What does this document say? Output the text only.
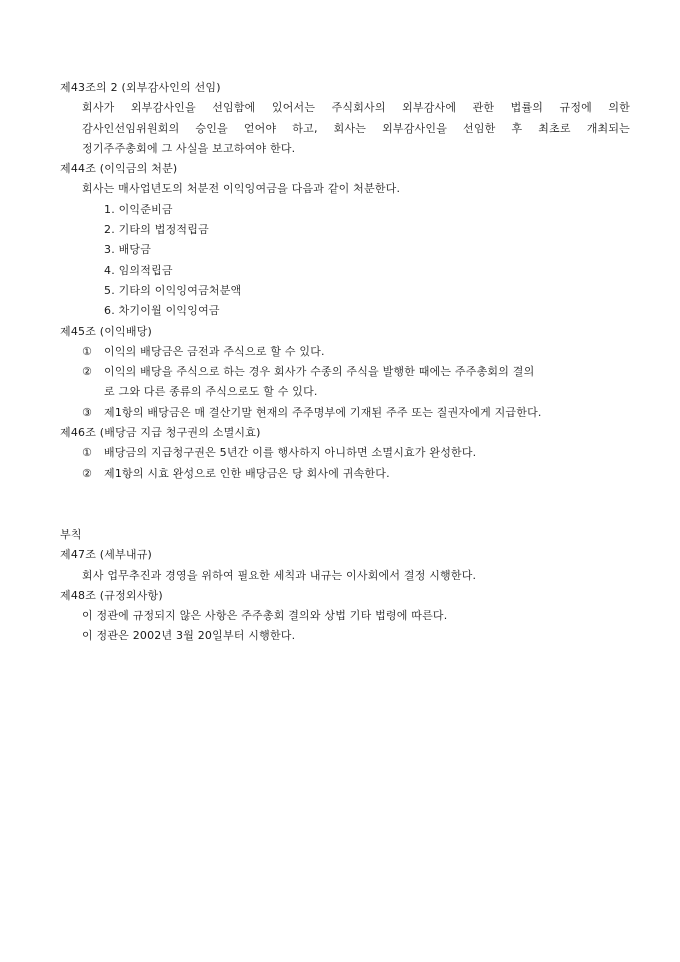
제43조의 2 (외부감사인의 선임)
회사가 외부감사인을 선임함에 있어서는 주식회사의 외부감사에 관한 법률의 규정에 의한
감사인선임위원회의 승인을 얻어야 하고, 회사는 외부감사인을 선임한 후 최초로 개최되는
정기주주총회에 그 사실을 보고하여야 한다.
제44조 (이익금의 처분)
회사는 매사업년도의 처분전 이익잉여금을 다음과 같이 처분한다.
1. 이익준비금
2. 기타의 법정적립금
3. 배당금
4. 임의적립금
5. 기타의 이익잉여금처분액
6. 차기이월 이익잉여금
제45조 (이익배당)
① 이익의 배당금은 금전과 주식으로 할 수 있다.
② 이익의 배당을 주식으로 하는 경우 회사가 수종의 주식을 발행한 때에는 주주총회의 결의
로 그와 다른 종류의 주식으로도 할 수 있다.
③ 제1항의 배당금은 매 결산기말 현재의 주주명부에 기재된 주주 또는 질권자에게 지급한다.
제46조 (배당금 지급 청구권의 소멸시효)
① 배당금의 지급청구권은 5년간 이를 행사하지 아니하면 소멸시효가 완성한다.
② 제1항의 시효 완성으로 인한 배당금은 당 회사에 귀속한다.
부칙
제47조 (세부내규)
회사 업무추진과 경영을 위하여 필요한 세칙과 내규는 이사회에서 결정 시행한다.
제48조 (규정외사항)
이 정관에 규정되지 않은 사항은 주주총회 결의와 상법 기타 법령에 따른다.
이 정관은 2002년 3월 20일부터 시행한다.
